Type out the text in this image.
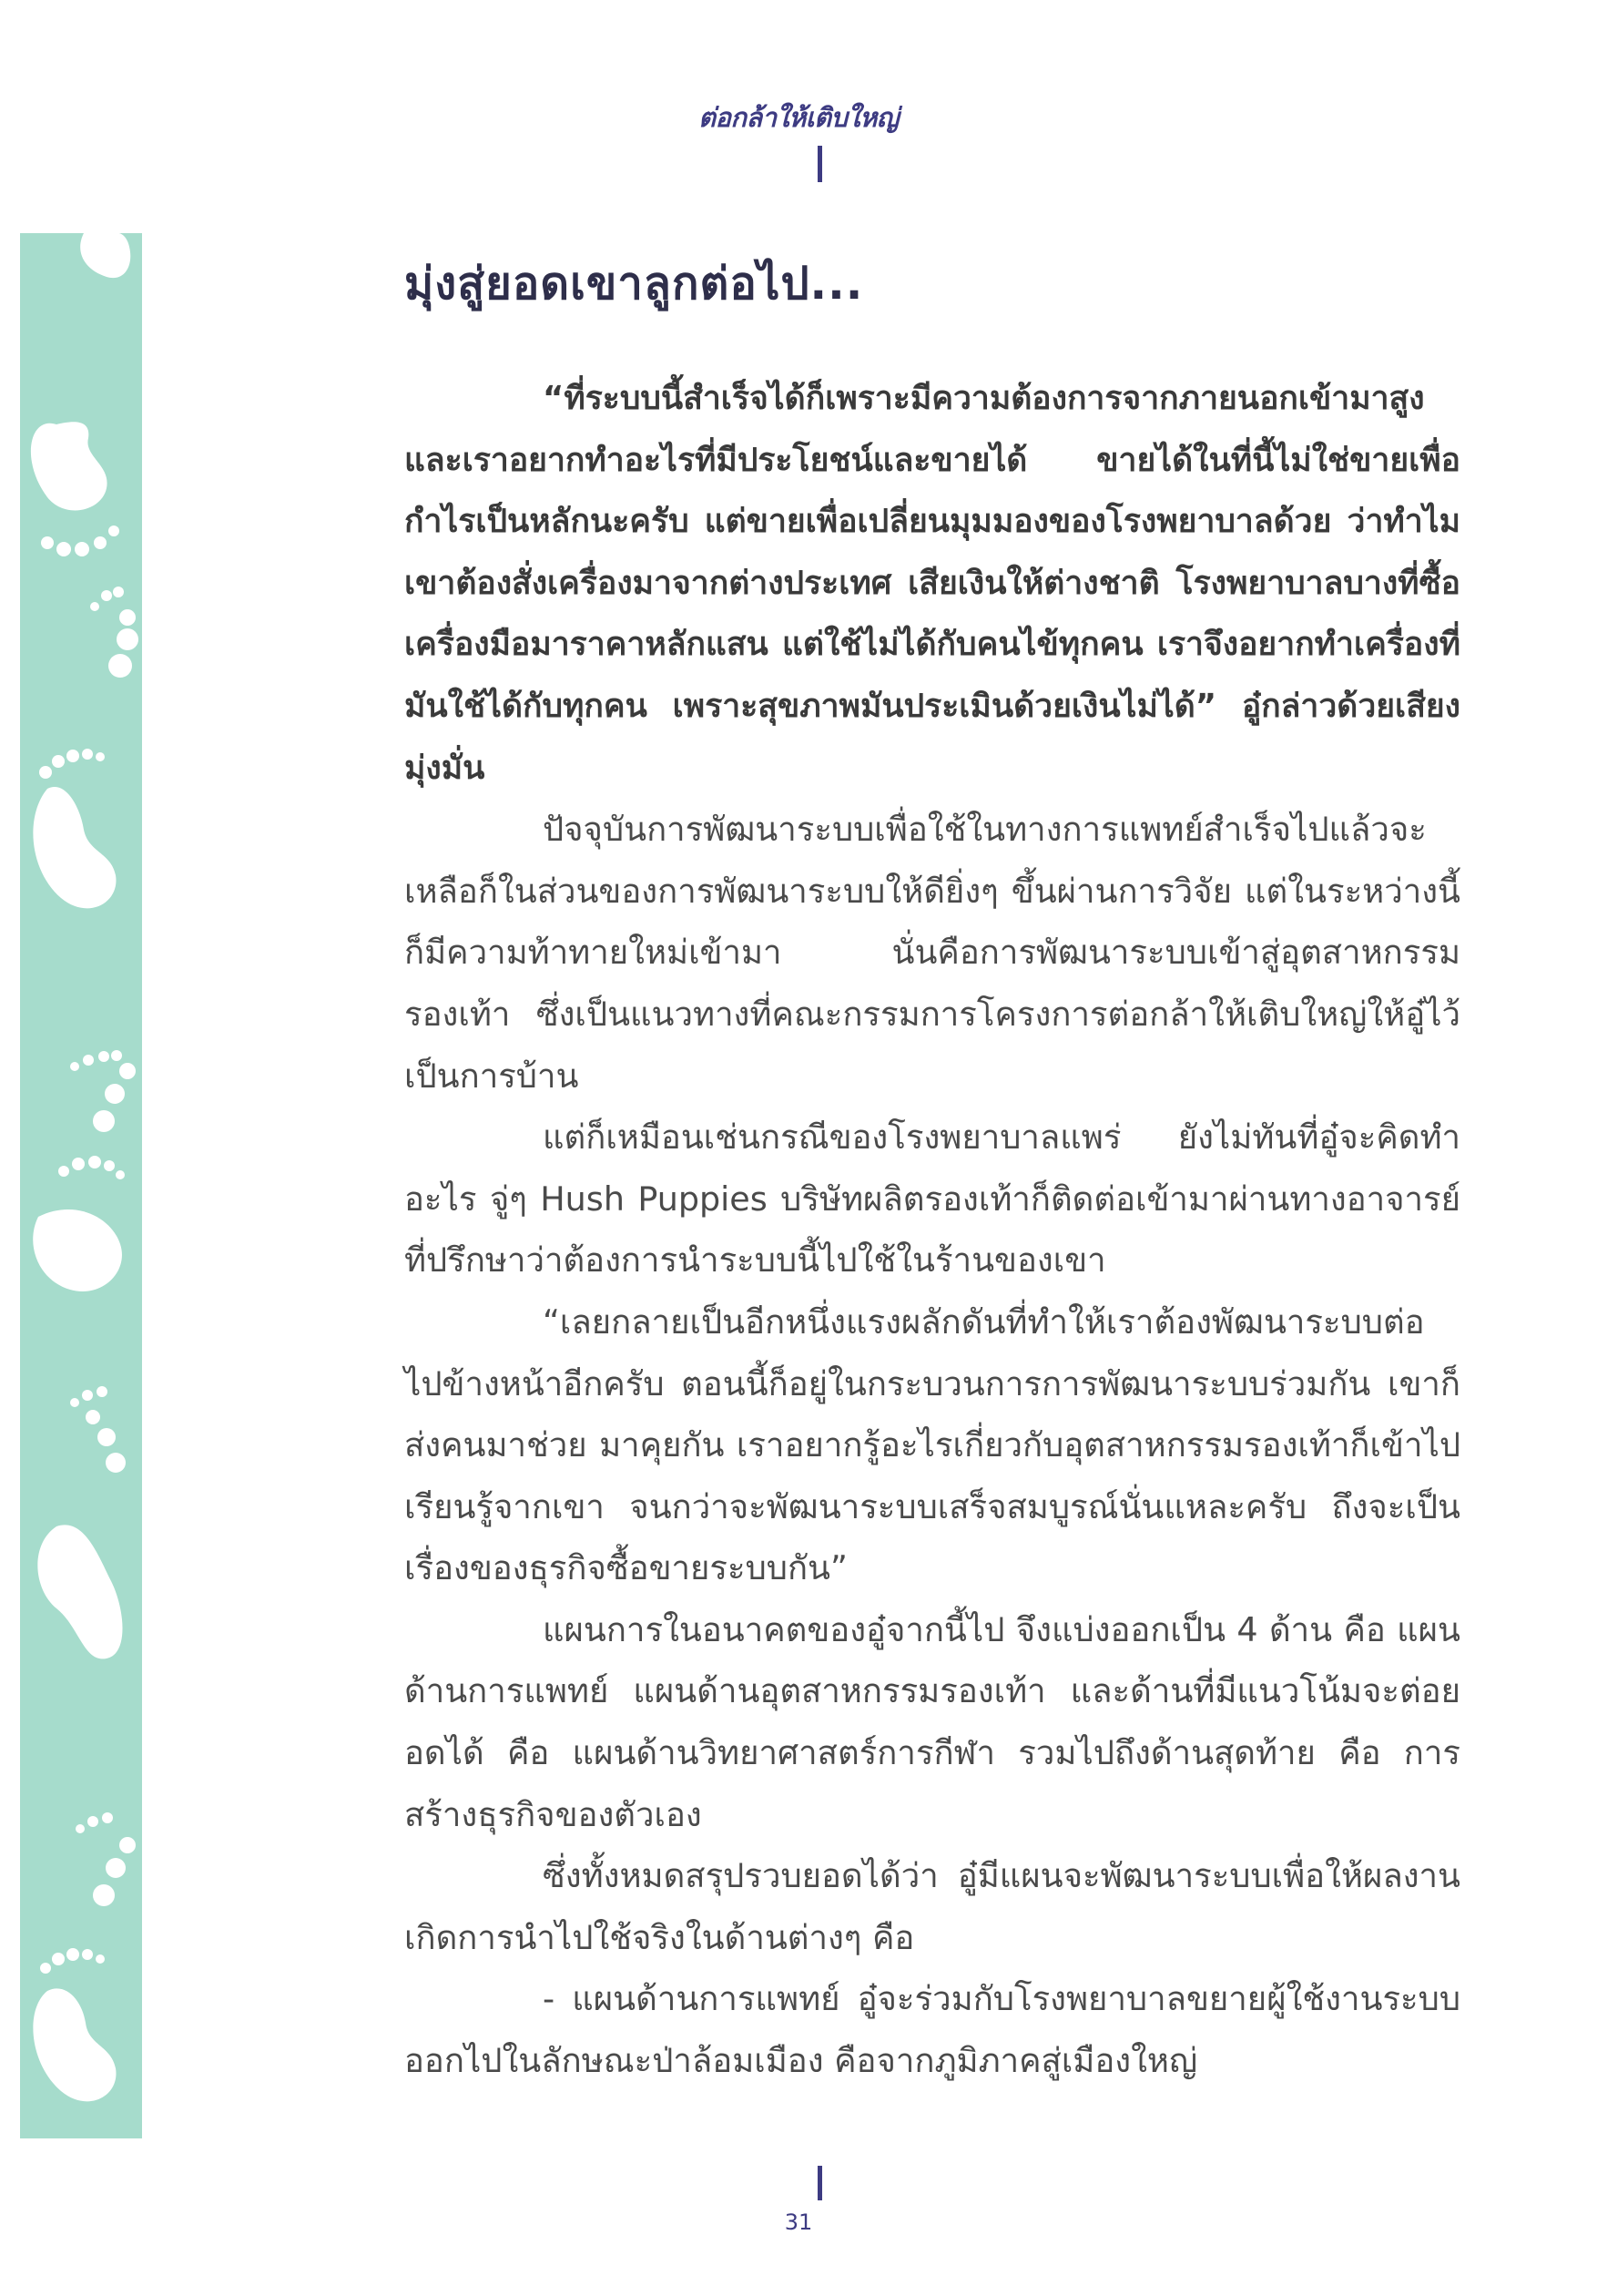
ต่อกล้าให้เติบใหญ่
มุ่งสู่ยอดเขาลูกต่อไป...

“ที่ระบบนี้สำเร็จได้ก็เพราะมีความต้องการจากภายนอกเข้ามาสูง และเราอยากทำอะไรที่มีประโยชน์และขายได้ ขายได้ในที่นี้ไม่ใช่ขายเพื่อกำไรเป็นหลักนะครับ แต่ขายเพื่อเปลี่ยนมุมมองของโรงพยาบาลด้วย ว่าทำไมเขาต้องสั่งเครื่องมาจากต่างประเทศ เสียเงินให้ต่างชาติ โรงพยาบาลบางที่ซื้อเครื่องมือมาราคาหลักแสน แต่ใช้ไม่ได้กับคนไข้ทุกคน เราจึงอยากทำเครื่องที่มันใช้ได้กับทุกคน เพราะสุขภาพมันประเมินด้วยเงินไม่ได้” อู๋กล่าวด้วยเสียงมุ่งมั่น

ปัจจุบันการพัฒนาระบบเพื่อใช้ในทางการแพทย์สำเร็จไปแล้วจะเหลือก็ในส่วนของการพัฒนาระบบให้ดียิ่งๆ ขึ้นผ่านการวิจัย แต่ในระหว่างนี้ ก็มีความท้าทายใหม่เข้ามา นั่นคือการพัฒนาระบบเข้าสู่อุตสาหกรรมรองเท้า ซึ่งเป็นแนวทางที่คณะกรรมการโครงการต่อกล้าให้เติบใหญ่ให้อู๋ไว้เป็นการบ้าน

แต่ก็เหมือนเช่นกรณีของโรงพยาบาลแพร่ ยังไม่ทันที่อู๋จะคิดทำอะไร จู่ๆ Hush Puppies บริษัทผลิตรองเท้าก็ติดต่อเข้ามาผ่านทางอาจารย์ที่ปรึกษาว่าต้องการนำระบบนี้ไปใช้ในร้านของเขา

“เลยกลายเป็นอีกหนึ่งแรงผลักดันที่ทำให้เราต้องพัฒนาระบบต่อไปข้างหน้าอีกครับ ตอนนี้ก็อยู่ในกระบวนการการพัฒนาระบบร่วมกัน เขาก็ส่งคนมาช่วย มาคุยกัน เราอยากรู้อะไรเกี่ยวกับอุตสาหกรรมรองเท้าก็เข้าไปเรียนรู้จากเขา จนกว่าจะพัฒนาระบบเสร็จสมบูรณ์นั่นแหละครับ ถึงจะเป็นเรื่องของธุรกิจซื้อขายระบบกัน”

แผนการในอนาคตของอู๋จากนี้ไป จึงแบ่งออกเป็น 4 ด้าน คือ แผนด้านการแพทย์ แผนด้านอุตสาหกรรมรองเท้า และด้านที่มีแนวโน้มจะต่อยอดได้ คือ แผนด้านวิทยาศาสตร์การกีฬา รวมไปถึงด้านสุดท้าย คือ การสร้างธุรกิจของตัวเอง

ซึ่งทั้งหมดสรุปรวบยอดได้ว่า อู๋มีแผนจะพัฒนาระบบเพื่อให้ผลงานเกิดการนำไปใช้จริงในด้านต่างๆ คือ

- แผนด้านการแพทย์ อู๋จะร่วมกับโรงพยาบาลขยายผู้ใช้งานระบบออกไปในลักษณะป่าล้อมเมือง คือจากภูมิภาคสู่เมืองใหญ่

31
